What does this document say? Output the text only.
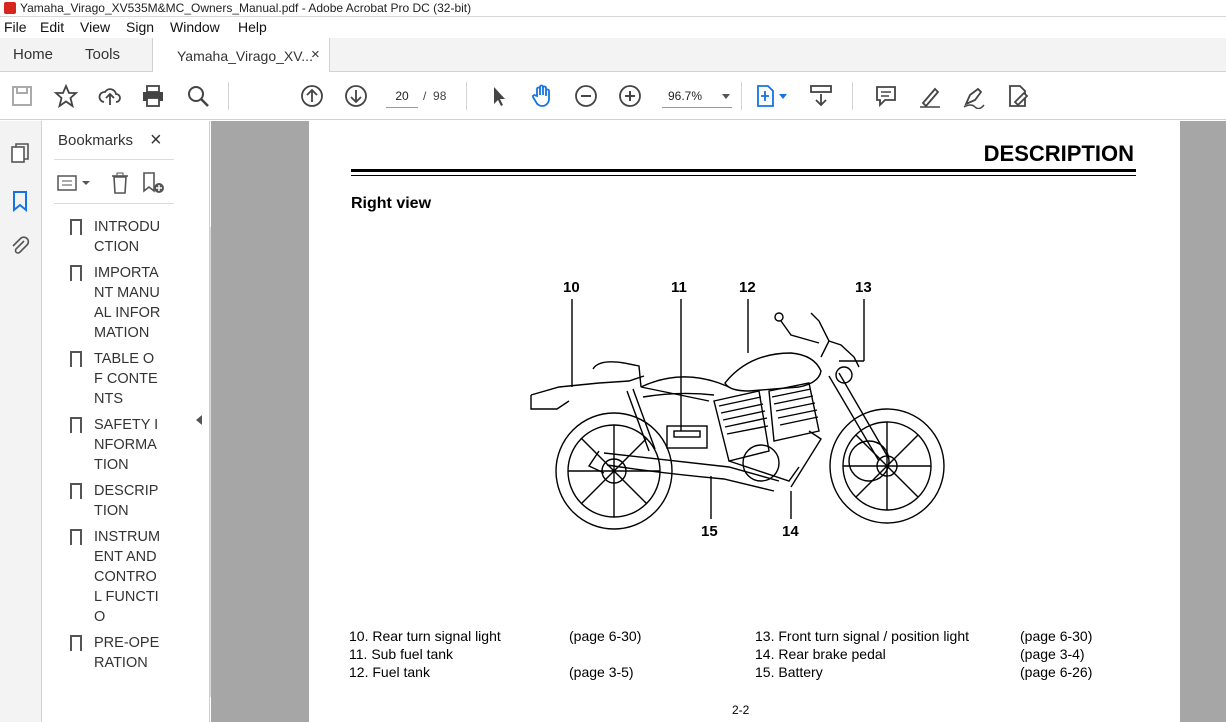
Yamaha_Virago_XV535M&MC_Owners_Manual.pdf - Adobe Acrobat Pro DC (32-bit)
File Edit View Sign Window Help
Home Tools	Yamaha_Virago_XV...
×
20	/ 98	96.7%
Bookmarks ×
INTRODUCTION
IMPORTANT MANUAL INFORMATION
TABLE OF CONTENTS
SAFETY INFORMATION
DESCRIPTION
INSTRUMENT AND CONTROL FUNCTIO
PRE-OPERATION
DESCRIPTION
Right view
10	11	12	13
14
15
10. Rear turn signal light	(page 6-30)
11. Sub fuel tank
12. Fuel tank	(page 3-5)
13. Front turn signal / position light	(page 6-30)
14. Rear brake pedal	(page 3-4)
15. Battery	(page 6-26)
2-2
